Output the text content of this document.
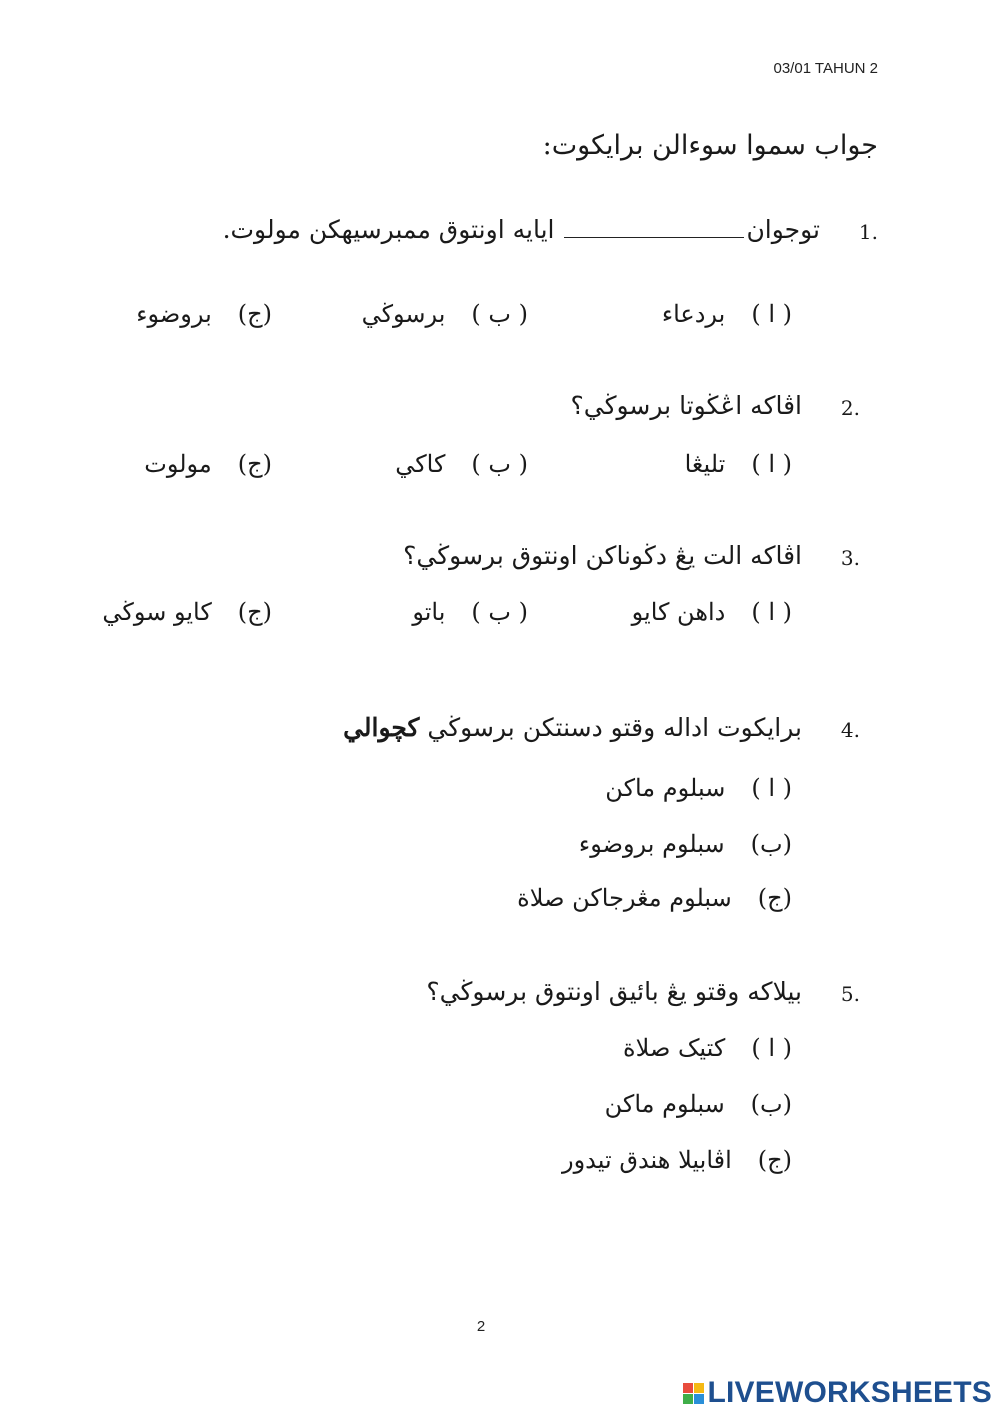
03/01 TAHUN 2
جواب سموا سوءالن برايكوت:
1.
توجوان ايايه اونتوق ممبرسيهكن مولوت.
( ا )بردعاء
( ب )برسوڬي
(ج)بروضوء
2.
اڤاكه اڠڬوتا برسوڬي؟
( ا )تليڠا
( ب )كاكي
(ج)مولوت
3.
اڤاكه الت يڠ دڬوناكن اونتوق برسوڬي؟
( ا )داهن كايو
( ب )باتو
(ج)كايو سوڬي
4.
برايكوت اداله وقتو دسنتكن برسوڬي كچوالي
( ا )سبلوم ماكن
(ب)سبلوم بروضوء
(ج)سبلوم مڠرجاكن صلاة
5.
بيلاكه وقتو يڠ بائيق اونتوق برسوڬي؟
( ا )كتيک صلاة
(ب)سبلوم ماكن
(ج)اڤابيلا هندق تيدور
2
LIVEWORKSHEETS
